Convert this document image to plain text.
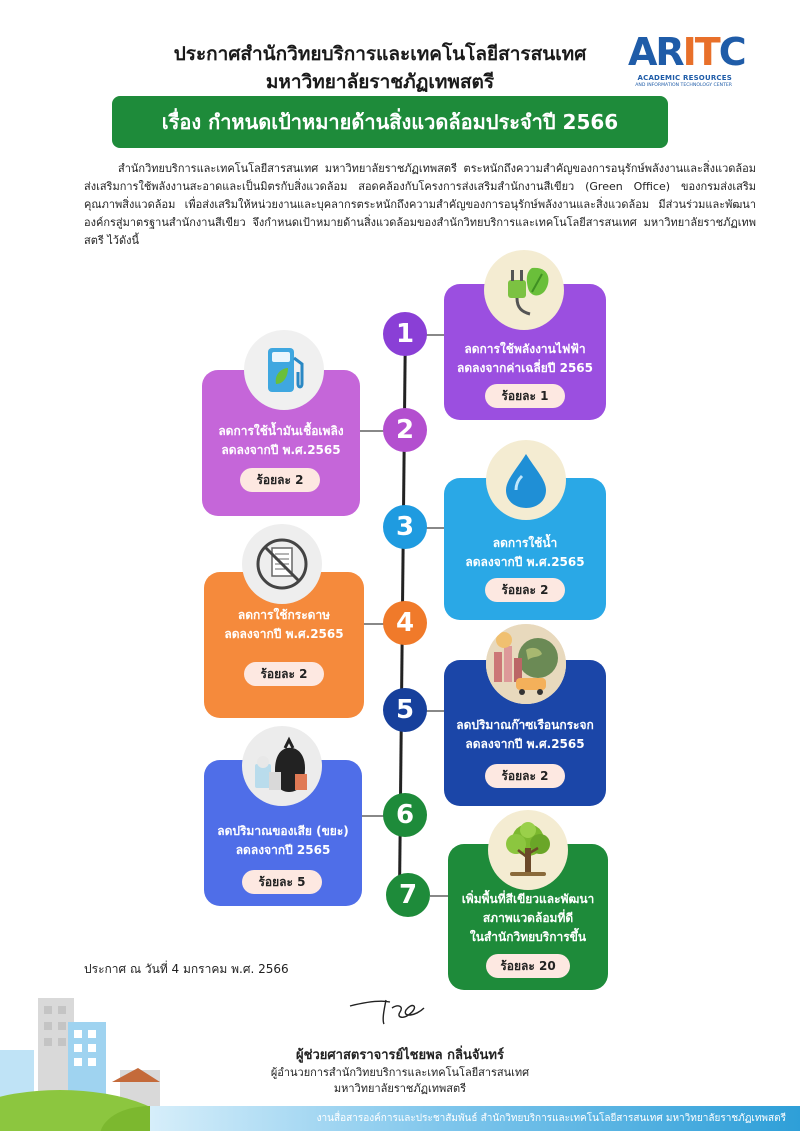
ประกาศสำนักวิทยบริการและเทคโนโลยีสารสนเทศ
มหาวิทยาลัยราชภัฏเทพสตรี
ARITC
ACADEMIC RESOURCES
AND INFORMATION TECHNOLOGY CENTER
เรื่อง กำหนดเป้าหมายด้านสิ่งแวดล้อมประจำปี 2566
สำนักวิทยบริการและเทคโนโลยีสารสนเทศ มหาวิทยาลัยราชภัฏเทพสตรี ตระหนักถึงความสำคัญของการอนุรักษ์พลังงานและสิ่งแวดล้อม ส่งเสริมการใช้พลังงานสะอาดและเป็นมิตรกับสิ่งแวดล้อม สอดคล้องกับโครงการส่งเสริมสำนักงานสีเขียว (Green Office) ของกรมส่งเสริมคุณภาพสิ่งแวดล้อม เพื่อส่งเสริมให้หน่วยงานและบุคลากรตระหนักถึงความสำคัญของการอนุรักษ์พลังงานและสิ่งแวดล้อม มีส่วนร่วมและพัฒนาองค์กรสู่มาตรฐานสำนักงานสีเขียว จึงกำหนดเป้าหมายด้านสิ่งแวดล้อมของสำนักวิทยบริการและเทคโนโลยีสารสนเทศ มหาวิทยาลัยราชภัฏเทพสตรี ไว้ดังนี้
1
2
3
4
5
6
7
ลดการใช้พลังงานไฟฟ้า
ลดลงจากค่าเฉลี่ยปี 2565
ร้อยละ 1
ลดการใช้น้ำมันเชื้อเพลิง
ลดลงจากปี พ.ศ.2565
ร้อยละ 2
ลดการใช้น้ำ
ลดลงจากปี พ.ศ.2565
ร้อยละ 2
ลดการใช้กระดาษ
ลดลงจากปี พ.ศ.2565
ร้อยละ 2
ลดปริมาณก๊าซเรือนกระจก
ลดลงจากปี พ.ศ.2565
ร้อยละ 2
ลดปริมาณของเสีย (ขยะ)
ลดลงจากปี 2565
ร้อยละ 5
เพิ่มพื้นที่สีเขียวและพัฒนา
สภาพแวดล้อมที่ดี
ในสำนักวิทยบริการขึ้น
ร้อยละ 20
ประกาศ ณ วันที่ 4 มกราคม พ.ศ. 2566
ผู้ช่วยศาสตราจารย์ไชยพล กลิ่นจันทร์
ผู้อำนวยการสำนักวิทยบริการและเทคโนโลยีสารสนเทศ
มหาวิทยาลัยราชภัฏเทพสตรี
งานสื่อสารองค์การและประชาสัมพันธ์ สำนักวิทยบริการและเทคโนโลยีสารสนเทศ มหาวิทยาลัยราชภัฏเทพสตรี
